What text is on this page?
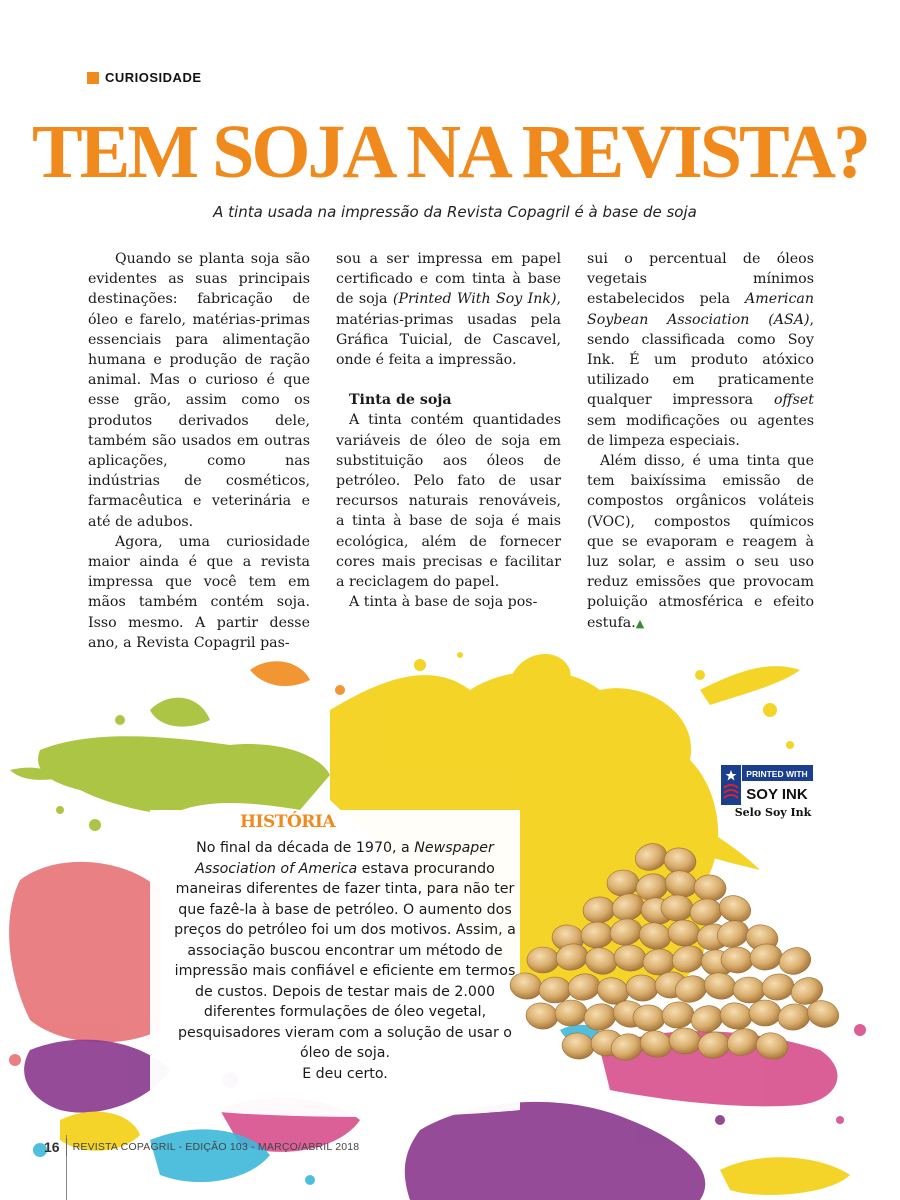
CURIOSIDADE
TEM SOJA NA REVISTA?
A tinta usada na impressão da Revista Copagril é à base de soja

Quando se planta soja são evidentes as suas principais destinações: fabricação de óleo e farelo, matérias-primas essenciais para alimentação humana e produção de ração animal. Mas o curioso é que esse grão, assim como os produtos derivados dele, também são usados em outras aplicações, como nas indústrias de cosméticos, farmacêutica e veterinária e até de adubos.

Agora, uma curiosidade maior ainda é que a revista impressa que você tem em mãos também contém soja. Isso mesmo. A partir desse ano, a Revista Copagril pas-

sou a ser impressa em papel certificado e com tinta à base de soja (Printed With Soy Ink), matérias-primas usadas pela Gráfica Tuicial, de Cascavel, onde é feita a impressão.

Tinta de soja

A tinta contém quantidades variáveis de óleo de soja em substituição aos óleos de petróleo. Pelo fato de usar recursos naturais renováveis, a tinta à base de soja é mais ecológica, além de fornecer cores mais precisas e facilitar a reciclagem do papel.

A tinta à base de soja pos-

sui o percentual de óleos vegetais mínimos estabelecidos pela American Soybean Association (ASA), sendo classificada como Soy Ink. É um produto atóxico utilizado em praticamente qualquer impressora offset sem modificações ou agentes de limpeza especiais.

Além disso, é uma tinta que tem baixíssima emissão de compostos orgânicos voláteis (VOC), compostos químicos que se evaporam e reagem à luz solar, e assim o seu uso reduz emissões que provocam poluição atmosférica e efeito estufa.▲

HISTÓRIA

No final da década de 1970, a Newspaper Association of America estava procurando maneiras diferentes de fazer tinta, para não ter que fazê-la à base de petróleo. O aumento dos preços do petróleo foi um dos motivos. Assim, a associação buscou encontrar um método de impressão mais confiável e eficiente em termos de custos. Depois de testar mais de 2.000 diferentes formulações de óleo vegetal, pesquisadores vieram com a solução de usar o óleo de soja.

E deu certo.

PRINTED WITH
SOY INK
Selo Soy Ink
16 REVISTA COPAGRIL - EDIÇÃO 103 - MARÇO/ABRIL 2018
